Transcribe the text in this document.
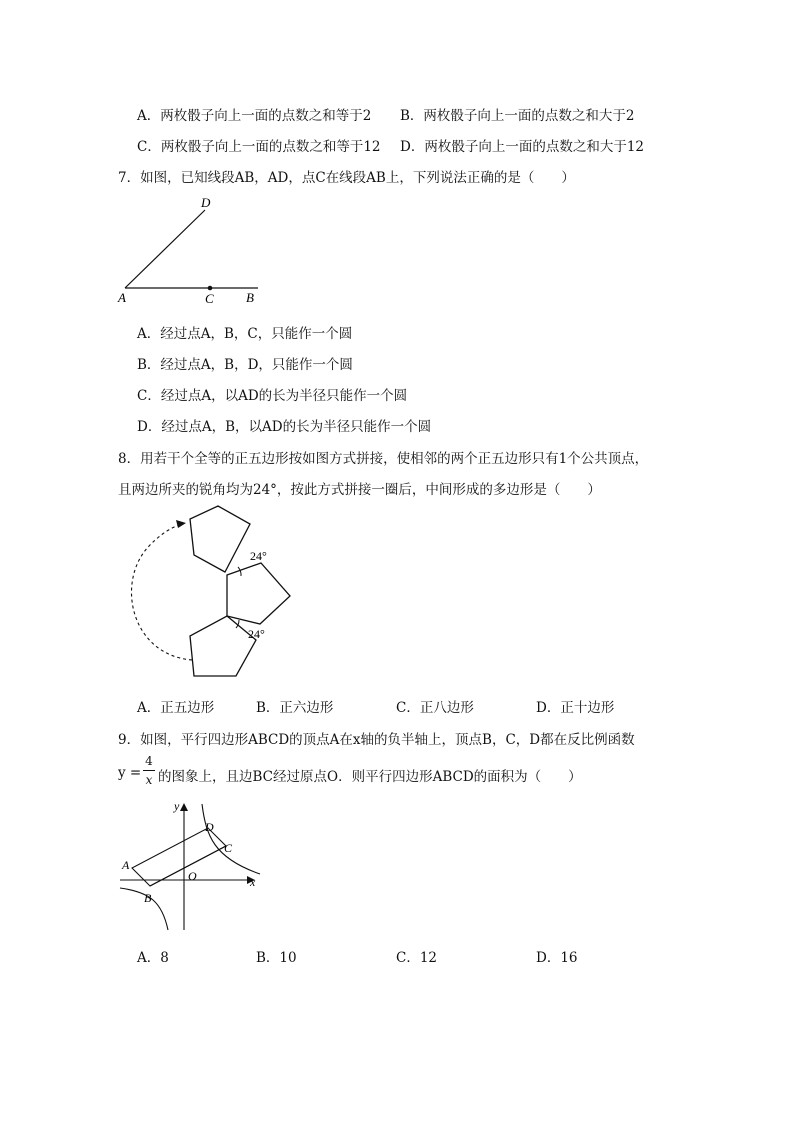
A．两枚骰子向上一面的点数之和等于2 B．两枚骰子向上一面的点数之和大于2
C．两枚骰子向上一面的点数之和等于12 D．两枚骰子向上一面的点数之和大于12
7．如图，已知线段AB，AD，点C在线段AB上，下列说法正确的是（　　）
D
A	C B
A．经过点A，B，C，只能作一个圆
B．经过点A，B，D，只能作一个圆
C．经过点A，以AD的长为半径只能作一个圆
D．经过点A，B，以AD的长为半径只能作一个圆
8．用若干个全等的正五边形按如图方式拼接，使相邻的两个正五边形只有1个公共顶点，
且两边所夹的锐角均为24°，按此方式拼接一圈后，中间形成的多边形是（　　）
24°
24°
A．正五边形	B．正六边形	C．正八边形	D．正十边形
9．如图，平行四边形ABCD的顶点A在x轴的负半轴上，顶点B，C，D都在反比例函数
y =
4
x 的图象上，且边BC经过原点O．则平行四边形ABCD的面积为（　　）
x
y
A
B
C
D
O
A．8	B．10	C．12	D．16
